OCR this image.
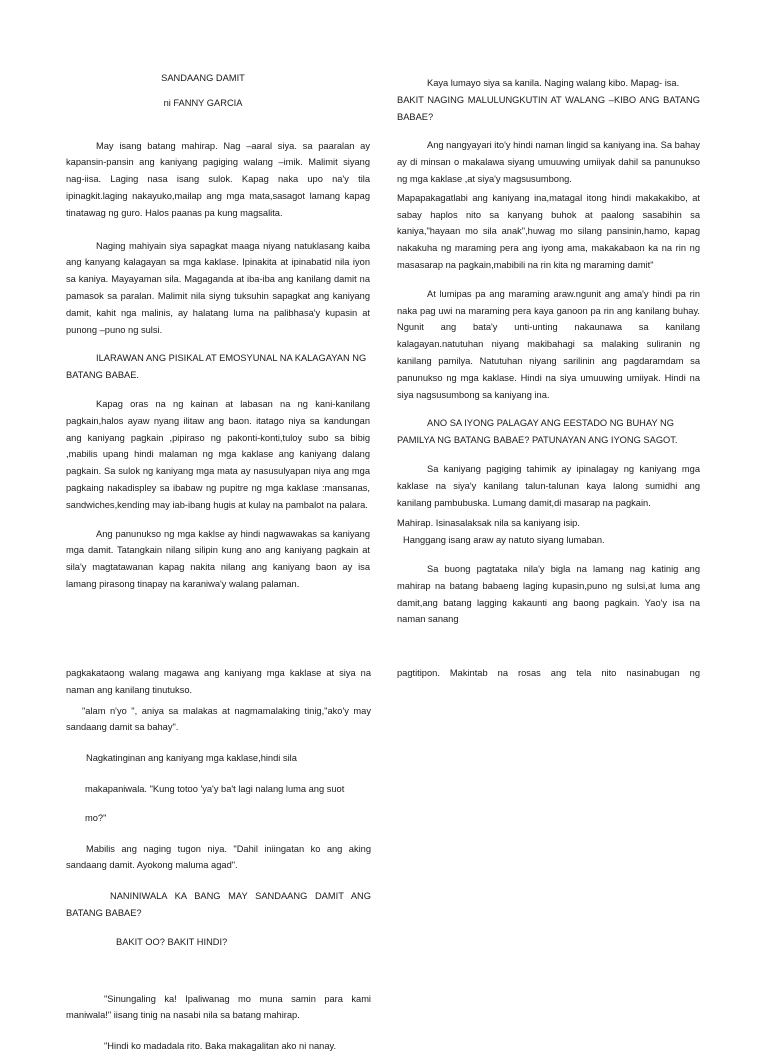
SANDAANG DAMIT

ni FANNY GARCIA

May isang batang mahirap. Nag –aaral siya. sa paaralan ay kapansin-pansin ang kaniyang pagiging walang –imik. Malimit siyang nag-iisa. Laging nasa isang sulok. Kapag naka upo na'y tila ipinagkit.laging nakayuko,mailap ang mga mata,sasagot lamang kapag tinatawag ng guro. Halos paanas pa kung magsalita.

Naging mahiyain siya sapagkat maaga niyang natuklasang kaiba ang kanyang kalagayan sa mga kaklase. Ipinakita at ipinabatid nila iyon sa kaniya. Mayayaman sila. Magaganda at iba-iba ang kanilang damit na pamasok sa paralan. Malimit nila siyng tuksuhin sapagkat ang kaniyang damit, kahit nga malinis, ay halatang luma na palibhasa'y kupasin at punong –puno ng sulsi.

ILARAWAN ANG PISIKAL AT EMOSYUNAL NA KALAGAYAN NG BATANG BABAE.

Kapag oras na ng kainan at labasan na ng kani-kanilang pagkain,halos ayaw nyang ilitaw ang baon. itatago niya sa kandungan ang kaniyang pagkain ,pipiraso ng pakonti-konti,tuloy subo sa bibig ,mabilis upang hindi malaman ng mga kaklase ang kaniyang dalang pagkain. Sa sulok ng kaniyang mga mata ay nasusulyapan niya ang mga pagkaing nakadispley sa ibabaw ng pupitre ng mga kaklase :mansanas, sandwiches,kending may iab-ibang hugis at kulay na pambalot na palara.

Ang panunukso ng mga kaklse ay hindi nagwawakas sa kaniyang mga damit. Tatangkain nilang silipin kung ano ang kaniyang pagkain at sila'y magtatawanan kapag nakita nilang ang kaniyang baon ay isa lamang pirasong tinapay na karaniwa'y walang palaman.

Kaya lumayo siya sa kanila. Naging walang kibo. Mapag- isa.

BAKIT NAGING MALULUNGKUTIN AT WALANG –KIBO ANG BATANG BABAE?

Ang nangyayari ito'y hindi naman lingid sa kaniyang ina. Sa bahay ay di minsan o makalawa siyang umuuwing umiiyak dahil sa panunukso ng mga kaklase ,at siya'y magsusumbong.

Mapapakagatlabi ang kaniyang ina,matagal itong hindi makakakibo, at sabay haplos nito sa kanyang buhok at paalong sasabihin sa kaniya,"hayaan mo sila anak",huwag mo silang pansinin,hamo, kapag nakakuha ng maraming pera ang iyong ama, makakabaon ka na rin ng masasarap na pagkain,mabibili na rin kita ng maraming damit"

At lumipas pa ang maraming araw.ngunit ang ama'y hindi pa rin naka pag uwi na maraming pera kaya ganoon pa rin ang kanilang buhay. Ngunit ang bata'y unti-unting nakaunawa sa kanilang kalagayan.natutuhan niyang makibahagi sa malaking suliranin ng kanilang pamilya. Natutuhan niyang sarilinin ang pagdaramdam sa panunukso ng mga kaklase. Hindi na siya umuuwing umiiyak. Hindi na siya nagsusumbong sa kaniyang ina.

ANO SA IYONG PALAGAY ANG EESTADO NG BUHAY NG PAMILYA NG BATANG BABAE? PATUNAYAN ANG IYONG SAGOT.

Sa kaniyang pagiging tahimik ay ipinalagay ng kaniyang mga kaklase na siya'y kanilang talun-talunan kaya lalong sumidhi ang kanilang pambubuska. Lumang damit,di masarap na pagkain.

Mahirap. Isinasalaksak nila sa kaniyang isip.

Hanggang isang araw ay natuto siyang lumaban.

Sa buong pagtataka nila'y bigla na lamang nag katinig ang mahirap na batang babaeng laging kupasin,puno ng sulsi,at luma ang damit,ang batang lagging kakaunti ang baong pagkain. Yao'y isa na naman sanang

pagkakataong walang magawa ang kaniyang mga kaklase at siya na naman ang kanilang tinutukso.

"alam n'yo ", aniya sa malakas at nagmamalaking tinig,"ako'y may sandaang damit sa bahay".

Nagkatinginan ang kaniyang mga kaklase,hindi sila

makapaniwala. "Kung totoo 'ya'y ba't lagi nalang luma ang suot

mo?"

Mabilis ang naging tugon niya. "Dahil iniingatan ko ang aking sandaang damit. Ayokong maluma agad".

NANINIWALA KA BANG MAY SANDAANG DAMIT ANG BATANG BABAE?

BAKIT OO? BAKIT HINDI?

"Sinungaling ka! Ipaliwanag mo muna samin para kami maniwala!" iisang tinig na nasabi nila sa batang mahirap.

"Hindi ko madadala rito. Baka makagalitan ako ni nanay.

pagtitipon. Makintab na rosas ang tela nito nasinabugan ng
